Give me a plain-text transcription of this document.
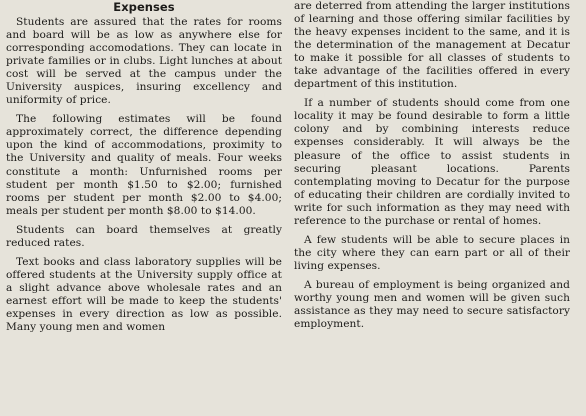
Expenses

Students are assured that the rates for rooms and board will be as low as anywhere else for corresponding accomodations. They can locate in private families or in clubs. Light lunches at about cost will be served at the campus under the University auspices, insuring excellency and uniformity of price.

The following estimates will be found approximately correct, the difference depending upon the kind of accommodations, proximity to the University and quality of meals. Four weeks constitute a month: Unfurnished rooms per student per month $1.50 to $2.00; furnished rooms per student per month $2.00 to $4.00; meals per student per month $8.00 to $14.00.

Students can board themselves at greatly reduced rates.

Text books and class laboratory supplies will be offered students at the University supply office at a slight advance above wholesale rates and an earnest effort will be made to keep the students' expenses in every direction as low as possible. Many young men and women

are deterred from attending the larger institutions of learning and those offering similar facilities by the heavy expenses incident to the same, and it is the determination of the management at Decatur to make it possible for all classes of students to take advantage of the facilities offered in every department of this institution.

If a number of students should come from one locality it may be found desirable to form a little colony and by combining interests reduce expenses considerably. It will always be the pleasure of the office to assist students in securing pleasant locations. Parents contemplating moving to Decatur for the purpose of educating their children are cordially invited to write for such information as they may need with reference to the purchase or rental of homes.

A few students will be able to secure places in the city where they can earn part or all of their living expenses.

A bureau of employment is being organized and worthy young men and women will be given such assistance as they may need to secure satisfactory employment.
